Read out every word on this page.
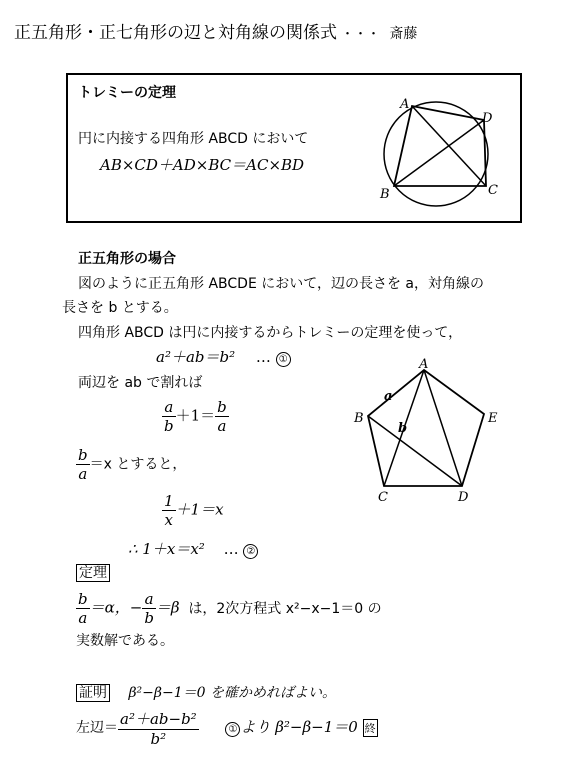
正五角形・正七角形の辺と対角線の関係式 ・・・ 斎藤
トレミーの定理
円に内接する四角形 ABCD において
AB×CD＋AD×BC＝AC×BD
A
D
B	C
正五角形の場合
図のように正五角形 ABCDE において，辺の長さを a，対角線の
長さを b とする。
四角形 ABCD は円に内接するからトレミーの定理を使って，
a²＋ab＝b² … ①
両辺を ab で割れば
$\frac{a}{b} +1= \frac{b}{a}$
$\frac{b}{a} =x$ とすると，
$\frac{1}{x} +1=x$
∴ 1＋x＝x² … ②
A
B	E
C	D
a
b
定理
$\frac{b}{a} =\alpha$，− $\frac{a}{b} =\beta$ は，2次方程式 x²−x−1＝0 の
実数解である。
証明 β²−β−1＝0 を確かめればよい。
左辺＝ $\frac{\text{a²＋ab−b²}}{\text{b²}}$	① より β²−β−1＝0 終
